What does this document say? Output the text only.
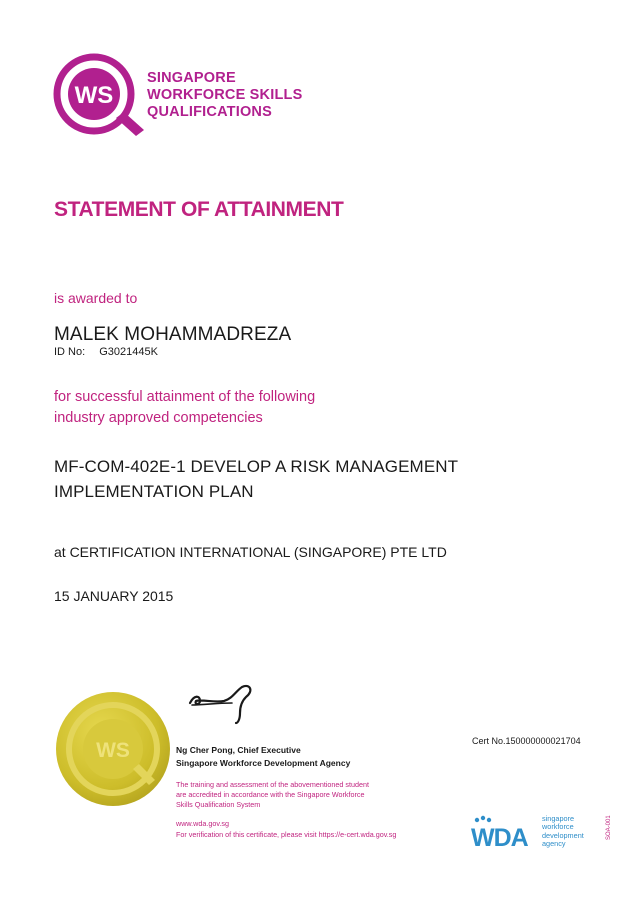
WS
SINGAPORE
WORKFORCE SKILLS
QUALIFICATIONS
STATEMENT OF ATTAINMENT
is awarded to
MALEK MOHAMMADREZA
ID No: G3021445K
for successful attainment of the following
industry approved competencies
MF-COM-402E-1 DEVELOP A RISK MANAGEMENT
IMPLEMENTATION PLAN
at CERTIFICATION INTERNATIONAL (SINGAPORE) PTE LTD
15 JANUARY 2015
WS	Ng Cher Pong, Chief Executive
Singapore Workforce Development Agency
The training and assessment of the abovementioned student
are accredited in accordance with the Singapore Workforce
Skills Qualification System
www.wda.gov.sg
For verification of this certificate, please visit https://e-cert.wda.gov.sg
Cert No.150000000021704
WDA
singapore
workforce
development
agency
SOA-001
